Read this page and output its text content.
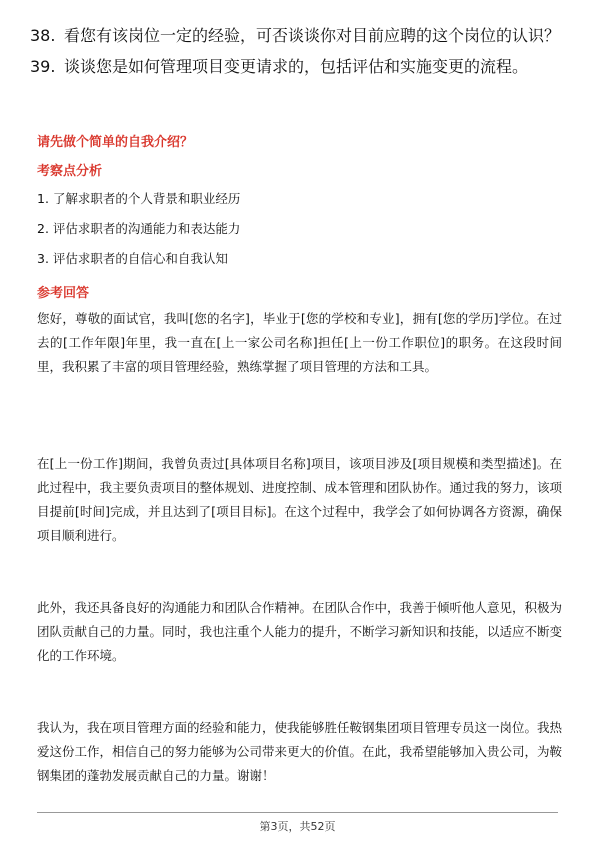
38. 看您有该岗位一定的经验，可否谈谈你对目前应聘的这个岗位的认识？
39. 谈谈您是如何管理项目变更请求的，包括评估和实施变更的流程。
请先做个简单的自我介绍？
考察点分析
1. 了解求职者的个人背景和职业经历
2. 评估求职者的沟通能力和表达能力
3. 评估求职者的自信心和自我认知
参考回答
您好，尊敬的面试官，我叫[您的名字]，毕业于[您的学校和专业]，拥有[您的学历]学位。在过去的[工作年限]年里，我一直在[上一家公司名称]担任[上一份工作职位]的职务。在这段时间里，我积累了丰富的项目管理经验，熟练掌握了项目管理的方法和工具。
在[上一份工作]期间，我曾负责过[具体项目名称]项目，该项目涉及[项目规模和类型描述]。在此过程中，我主要负责项目的整体规划、进度控制、成本管理和团队协作。通过我的努力，该项目提前[时间]完成，并且达到了[项目目标]。在这个过程中，我学会了如何协调各方资源，确保项目顺利进行。
此外，我还具备良好的沟通能力和团队合作精神。在团队合作中，我善于倾听他人意见，积极为团队贡献自己的力量。同时，我也注重个人能力的提升，不断学习新知识和技能，以适应不断变化的工作环境。
我认为，我在项目管理方面的经验和能力，使我能够胜任鞍钢集团项目管理专员这一岗位。我热爱这份工作，相信自己的努力能够为公司带来更大的价值。在此，我希望能够加入贵公司，为鞍钢集团的蓬勃发展贡献自己的力量。谢谢！
第3页，共52页
